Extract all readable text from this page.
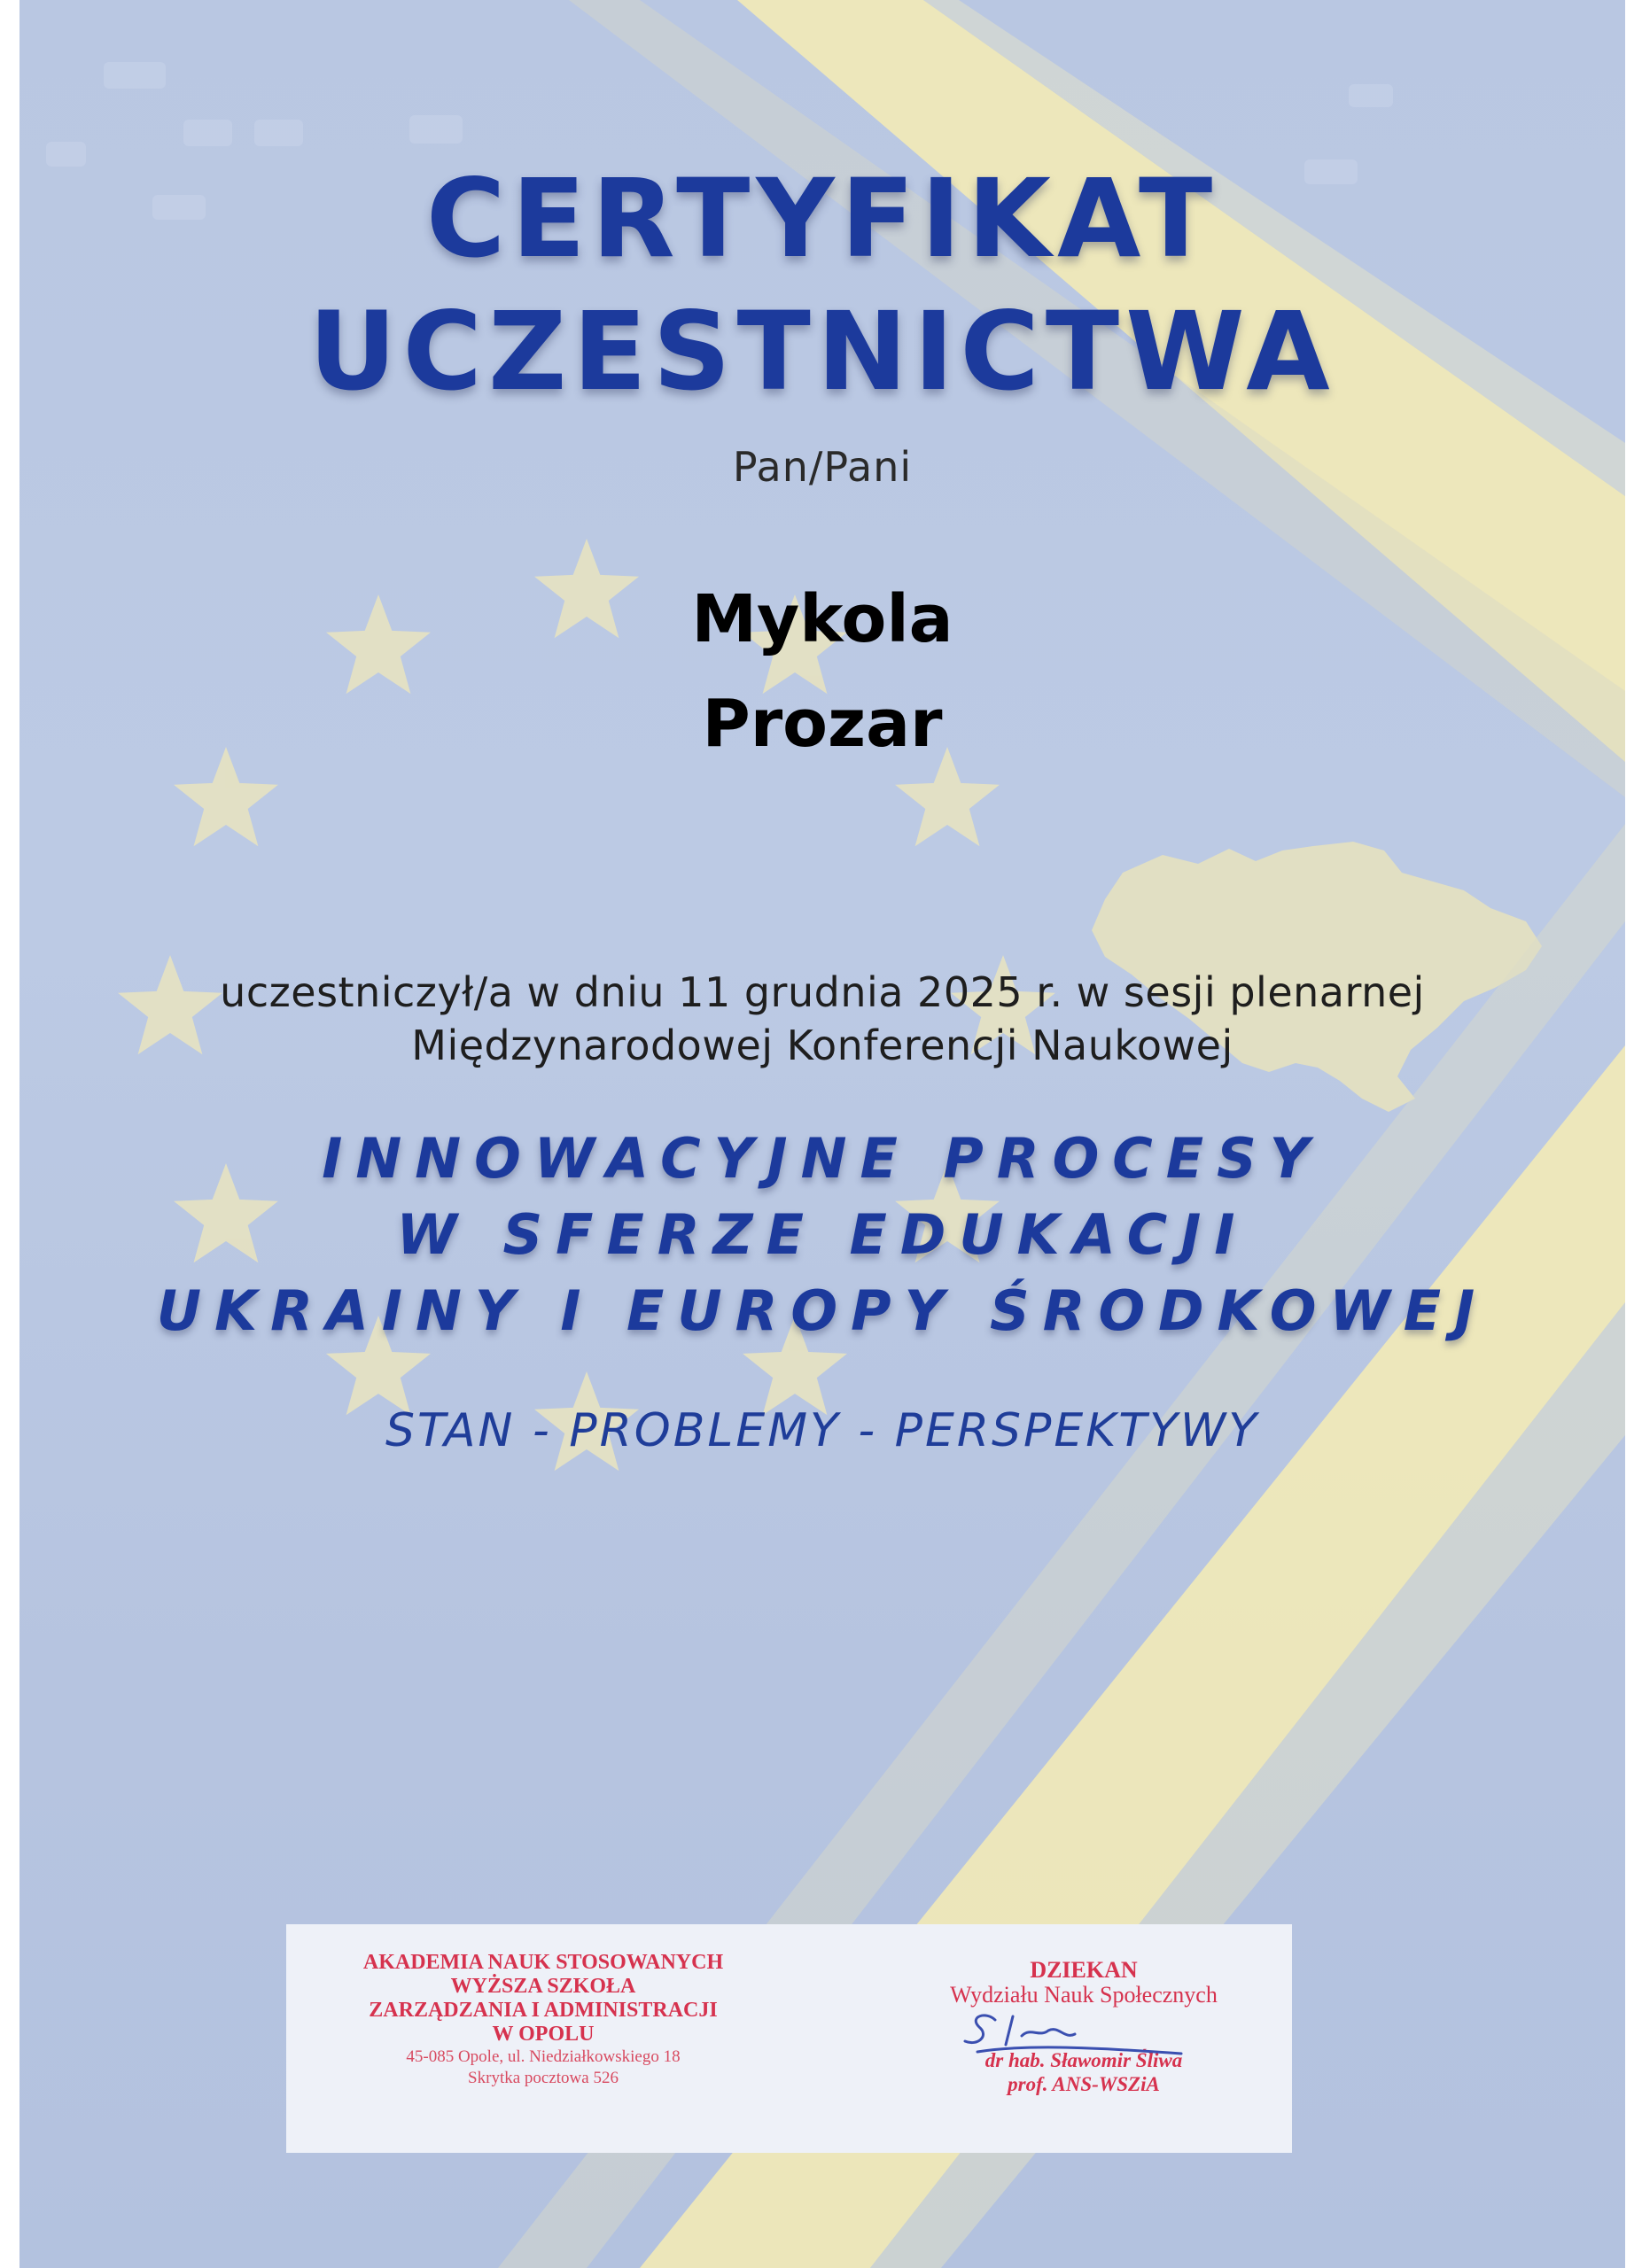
CERTYFIKAT
UCZESTNICTWA
Pan/Pani
Mykola
Prozar
uczestniczył/a w dniu 11 grudnia 2025 r. w sesji plenarnej
Międzynarodowej Konferencji Naukowej
INNOWACYJNE PROCESY
W SFERZE EDUKACJI
UKRAINY I EUROPY ŚRODKOWEJ
STAN - PROBLEMY - PERSPEKTYWY
AKADEMIA NAUK STOSOWANYCH
WYŻSZA SZKOŁA
ZARZĄDZANIA I ADMINISTRACJI
W OPOLU
45-085 Opole, ul. Niedziałkowskiego 18
Skrytka pocztowa 526
DZIEKAN
Wydziału Nauk Społecznych
dr hab. Sławomir Śliwa
prof. ANS-WSZiA
